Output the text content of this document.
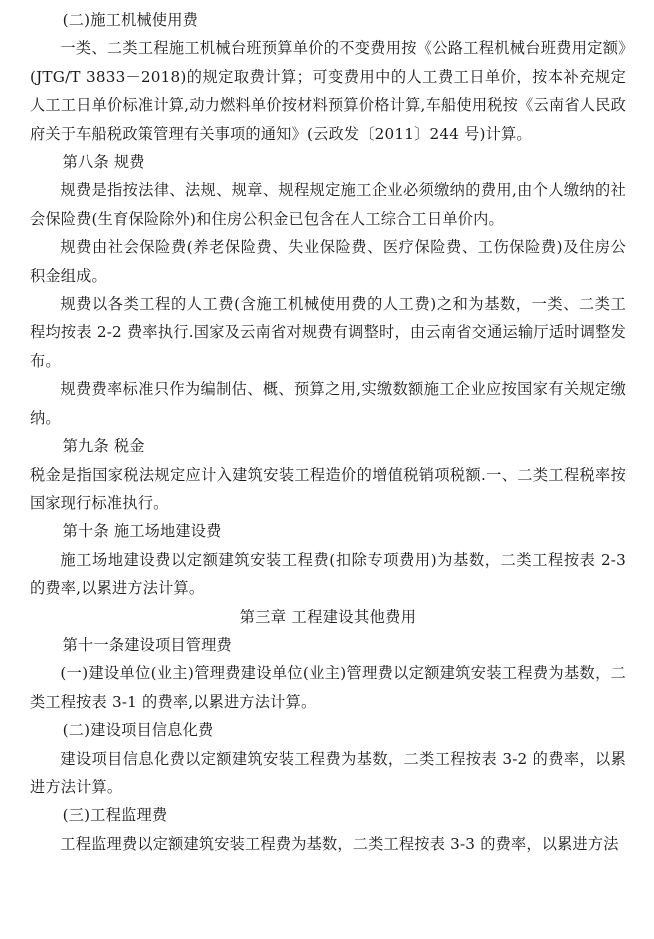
(二)施工机械使用费

一类、二类工程施工机械台班预算单价的不变费用按《公路工程机械台班费用定额》(JTG/T 3833－2018)的规定取费计算；可变费用中的人工费工日单价，按本补充规定人工工日单价标准计算,动力燃料单价按材料预算价格计算,车船使用税按《云南省人民政府关于车船税政策管理有关事项的通知》(云政发〔2011〕244 号)计算。

第八条 规费

规费是指按法律、法规、规章、规程规定施工企业必须缴纳的费用,由个人缴纳的社会保险费(生育保险除外)和住房公积金已包含在人工综合工日单价内。

规费由社会保险费(养老保险费、失业保险费、医疗保险费、工伤保险费)及住房公积金组成。

规费以各类工程的人工费(含施工机械使用费的人工费)之和为基数，一类、二类工程均按表 2-2 费率执行.国家及云南省对规费有调整时，由云南省交通运输厅适时调整发布。

规费费率标准只作为编制估、概、预算之用,实缴数额施工企业应按国家有关规定缴纳。

第九条 税金

税金是指国家税法规定应计入建筑安装工程造价的增值税销项税额.一、二类工程税率按国家现行标准执行。

第十条 施工场地建设费

施工场地建设费以定额建筑安装工程费(扣除专项费用)为基数，二类工程按表 2-3 的费率,以累进方法计算。

第三章 工程建设其他费用

第十一条建设项目管理费

(一)建设单位(业主)管理费建设单位(业主)管理费以定额建筑安装工程费为基数，二类工程按表 3-1 的费率,以累进方法计算。

(二)建设项目信息化费

建设项目信息化费以定额建筑安装工程费为基数，二类工程按表 3-2 的费率，以累进方法计算。

(三)工程监理费

工程监理费以定额建筑安装工程费为基数，二类工程按表 3-3 的费率，以累进方法
